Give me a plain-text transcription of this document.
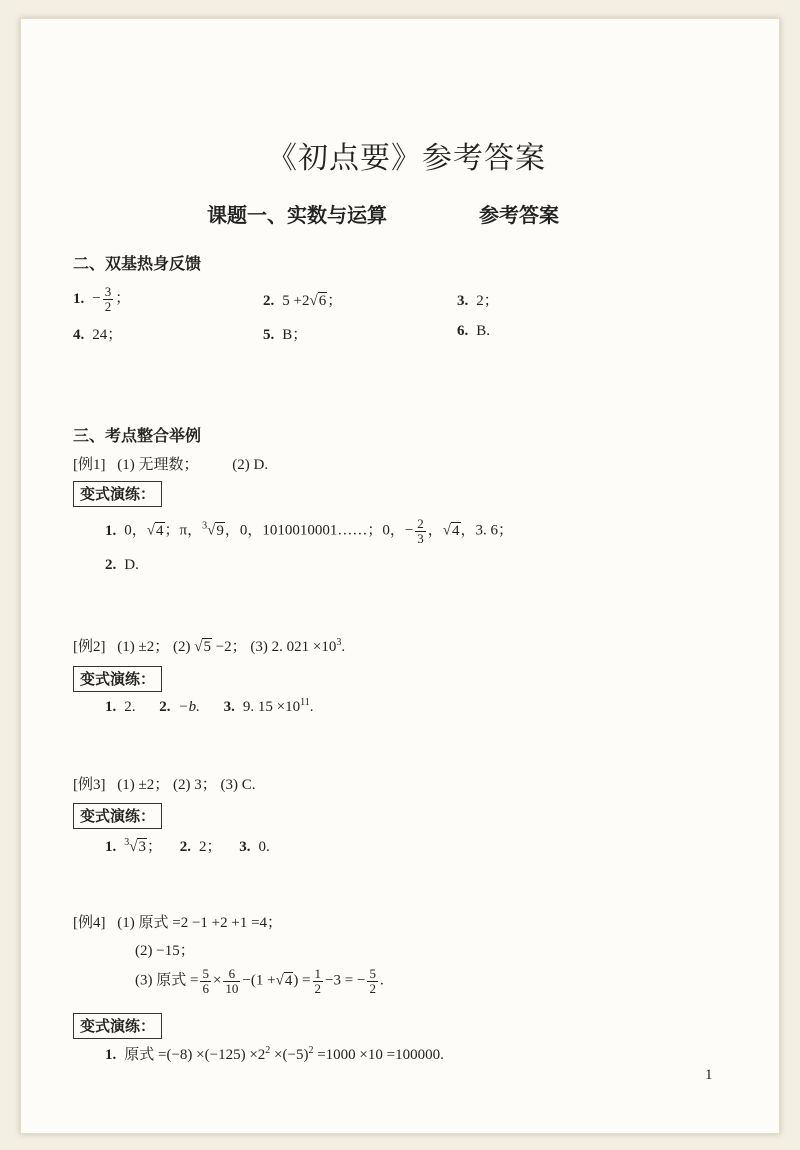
《初点要》参考答案
课题一、实数与运算	参考答案
二、双基热身反馈
1. − $\frac{3}{2}$ ；	2. 5 +2√6；	3. 2；
4. 24；	5. B；	6. B.
三、考点整合举例
[例1] (1) 无理数； (2) D.
变式演练：
1. 0，√4；π，$^3$√9，0，1010010001……；0，− $\frac{2}{3}$ ，√4，3. 6；
2. D.
[例2] (1) ±2； (2) √5 −2； (3) 2. $021 \times 10^3$.
变式演练：
1. 2. 2. −b. 3. 9. $15 \times 10^{11}$.
[例3] (1) ±2； (2) 3； (3) C.
变式演练：
1. $^3$√3； 2. 2； 3. 0.
[例4] (1) 原式 =2 −1 +2 +1 =4；
(2) −15；
(3) 原式 = $\frac{5}{6} \times \frac{6}{10} -(1 +√4) = \frac{1}{2} -3$ = − $\frac{5}{2}$ .
变式演练：
1. 原式 $=(-8) \times(-125) \times 2^2 \times(-5)^2 =1000 \times 10 =100000$.
1
